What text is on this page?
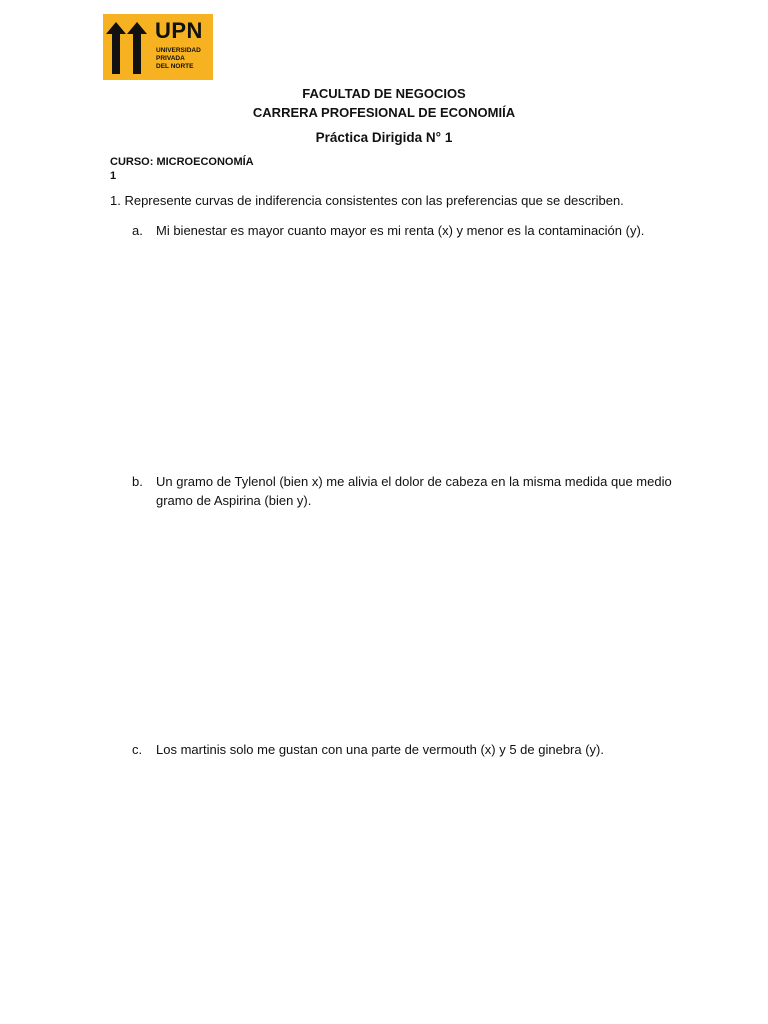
UPN
UNIVERSIDAD
PRIVADA
DEL NORTE
FACULTAD DE NEGOCIOS
CARRERA PROFESIONAL DE ECONOMIÍA
Práctica Dirigida N° 1
CURSO: MICROECONOMÍA
1
1. Represente curvas de indiferencia consistentes con las preferencias que se describen.
a. Mi bienestar es mayor cuanto mayor es mi renta (x) y menor es la contaminación (y).
b. Un gramo de Tylenol (bien x) me alivia el dolor de cabeza en la misma medida que medio gramo de Aspirina (bien y).
c. Los martinis solo me gustan con una parte de vermouth (x) y 5 de ginebra (y).
